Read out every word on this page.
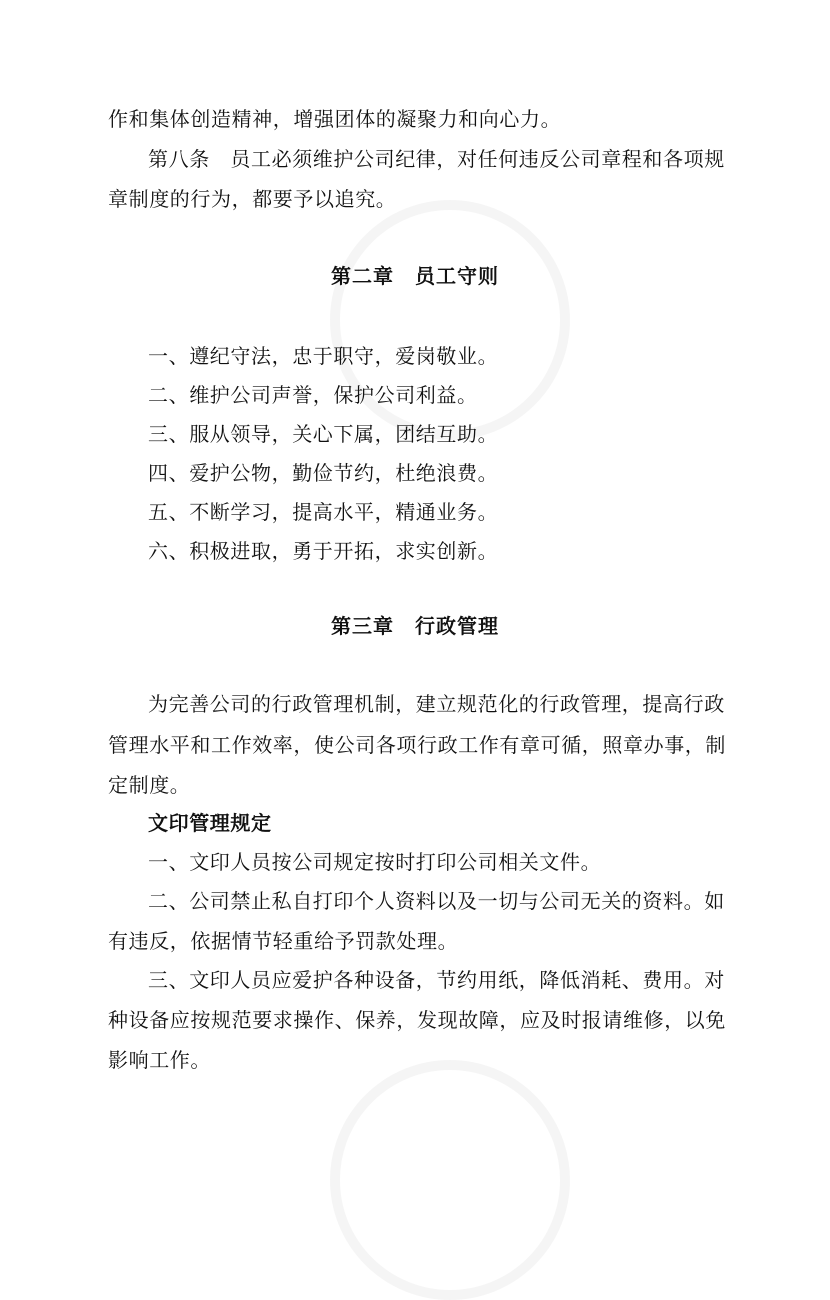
作和集体创造精神，增强团体的凝聚力和向心力。

第八条　员工必须维护公司纪律，对任何违反公司章程和各项规

章制度的行为，都要予以追究。

第二章　员工守则

一、遵纪守法，忠于职守，爱岗敬业。

二、维护公司声誉，保护公司利益。

三、服从领导，关心下属，团结互助。

四、爱护公物，勤俭节约，杜绝浪费。

五、不断学习，提高水平，精通业务。

六、积极进取，勇于开拓，求实创新。

第三章　行政管理

为完善公司的行政管理机制，建立规范化的行政管理，提高行政

管理水平和工作效率，使公司各项行政工作有章可循，照章办事，制

定制度。

文印管理规定

一、文印人员按公司规定按时打印公司相关文件。

二、公司禁止私自打印个人资料以及一切与公司无关的资料。如

有违反，依据情节轻重给予罚款处理。

三、文印人员应爱护各种设备，节约用纸，降低消耗、费用。对

种设备应按规范要求操作、保养，发现故障，应及时报请维修，以免

影响工作。
